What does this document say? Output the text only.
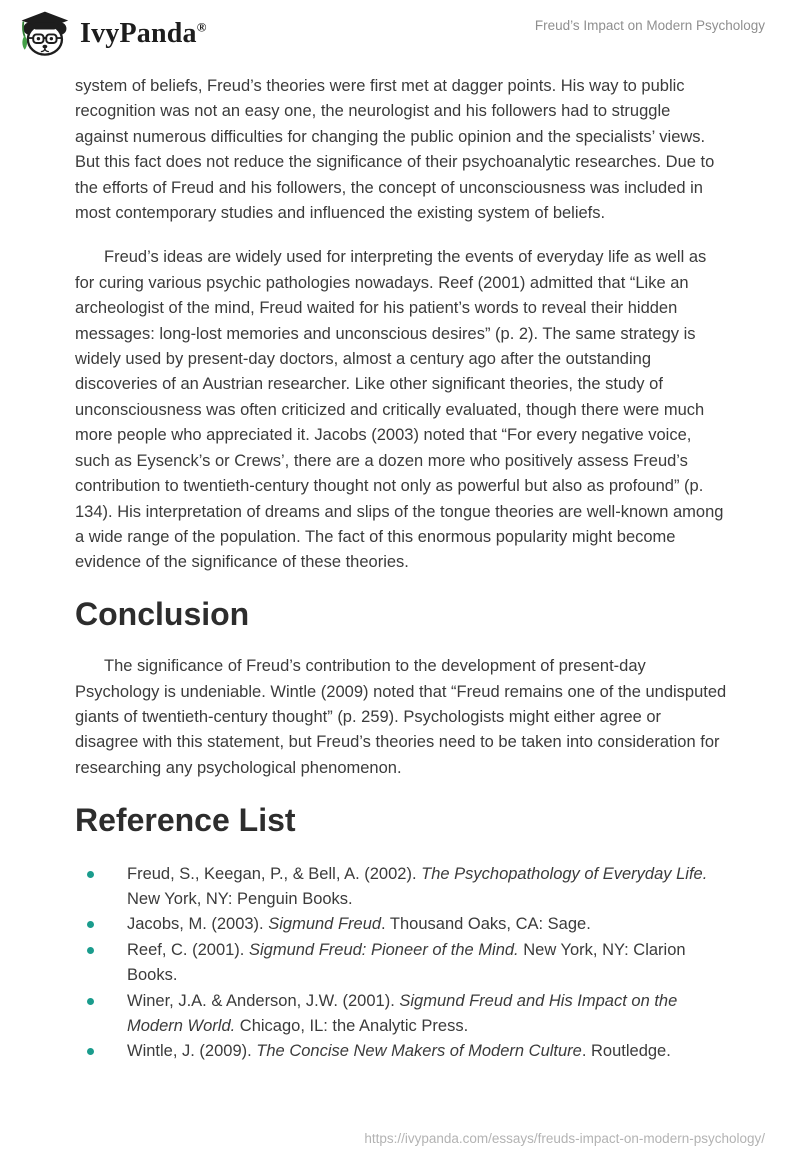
IvyPanda®	Freud’s Impact on Modern Psychology

system of beliefs, Freud’s theories were first met at dagger points. His way to public recognition was not an easy one, the neurologist and his followers had to struggle against numerous difficulties for changing the public opinion and the specialists’ views. But this fact does not reduce the significance of their psychoanalytic researches. Due to the efforts of Freud and his followers, the concept of unconsciousness was included in most contemporary studies and influenced the existing system of beliefs.

Freud’s ideas are widely used for interpreting the events of everyday life as well as for curing various psychic pathologies nowadays. Reef (2001) admitted that “Like an archeologist of the mind, Freud waited for his patient’s words to reveal their hidden messages: long-lost memories and unconscious desires” (p. 2). The same strategy is widely used by present-day doctors, almost a century ago after the outstanding discoveries of an Austrian researcher. Like other significant theories, the study of unconsciousness was often criticized and critically evaluated, though there were much more people who appreciated it. Jacobs (2003) noted that “For every negative voice, such as Eysenck’s or Crews’, there are a dozen more who positively assess Freud’s contribution to twentieth-century thought not only as powerful but also as profound” (p. 134). His interpretation of dreams and slips of the tongue theories are well-known among a wide range of the population. The fact of this enormous popularity might become evidence of the significance of these theories.

Conclusion

The significance of Freud’s contribution to the development of present-day Psychology is undeniable. Wintle (2009) noted that “Freud remains one of the undisputed giants of twentieth-century thought” (p. 259). Psychologists might either agree or disagree with this statement, but Freud’s theories need to be taken into consideration for researching any psychological phenomenon.

Reference List
Freud, S., Keegan, P., & Bell, A. (2002). The Psychopathology of Everyday Life. New York, NY: Penguin Books.
Jacobs, M. (2003). Sigmund Freud. Thousand Oaks, CA: Sage.
Reef, C. (2001). Sigmund Freud: Pioneer of the Mind. New York, NY: Clarion Books.
Winer, J.A. & Anderson, J.W. (2001). Sigmund Freud and His Impact on the Modern World. Chicago, IL: the Analytic Press.
Wintle, J. (2009). The Concise New Makers of Modern Culture. Routledge.
https://ivypanda.com/essays/freuds-impact-on-modern-psychology/
